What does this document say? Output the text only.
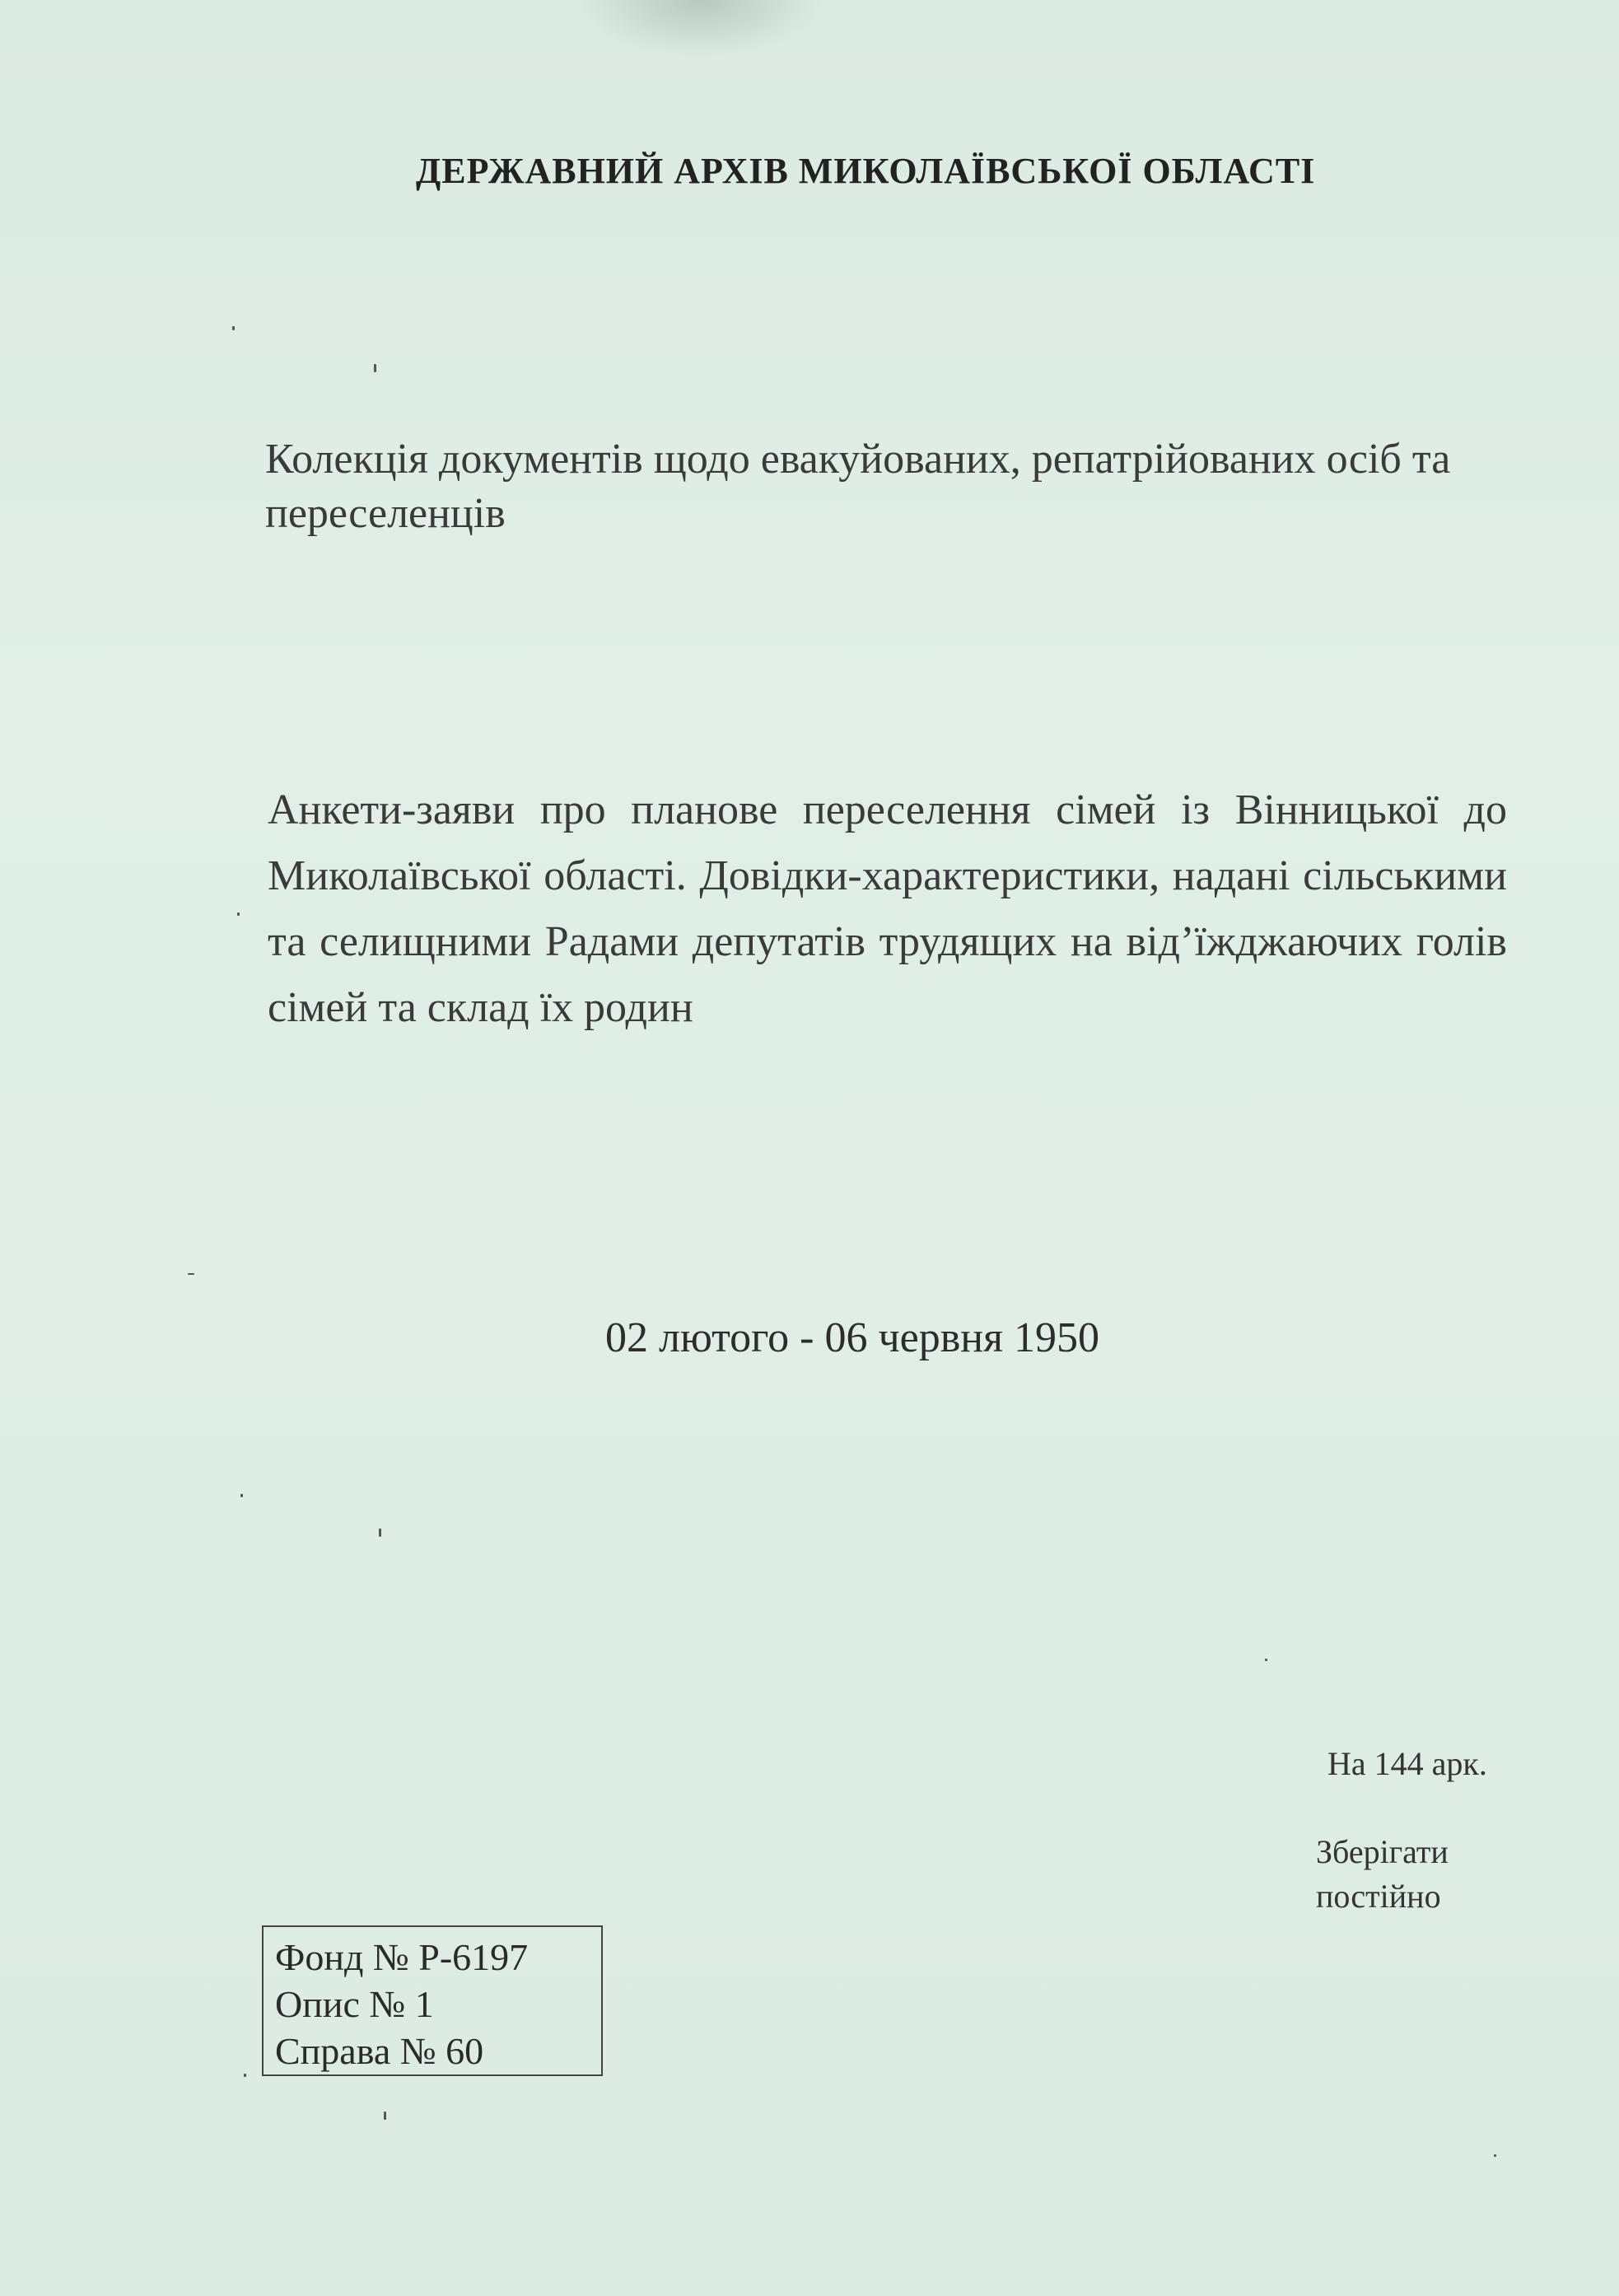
ДЕРЖАВНИЙ АРХІВ МИКОЛАЇВСЬКОЇ ОБЛАСТІ
Колекція документів щодо евакуйованих, репатрійованих осіб та переселенців
Анкети-заяви про планове переселення сімей із Вінницької до Миколаївської області. Довідки-характеристики, надані сільськими та селищними Радами депутатів трудящих на від’їжджаючих голів сімей та склад їх родин
02 лютого - 06 червня 1950
На 144 арк.
Зберігати
постійно
Фонд № Р-6197
Опис № 1
Справа № 60
